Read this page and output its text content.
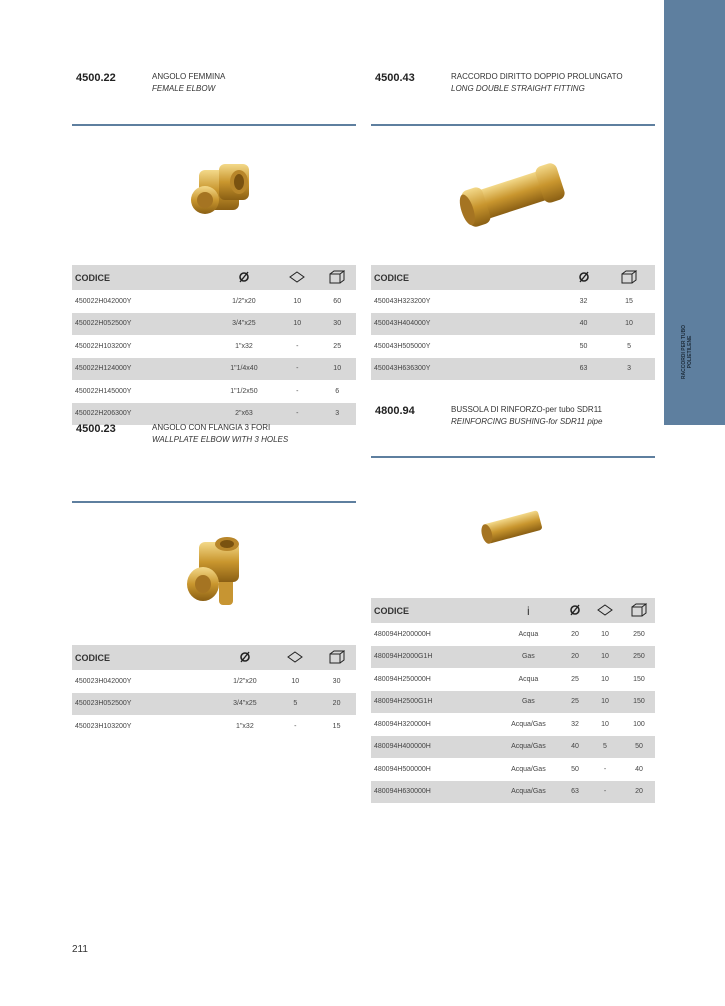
RACCORDI PER TUBO POLIETILENE
4500.22	ANGOLO FEMMINA
FEMALE ELBOW
CODICE			
450022H042000Y	1/2"x20	10	60
450022H052500Y	3/4"x25	10	30
450022H103200Y	1"x32	-	25
450022H124000Y	1"1/4x40	-	10
450022H145000Y	1"1/2x50	-	6
450022H206300Y	2"x63	-	3
4500.23	ANGOLO CON FLANGIA 3 FORI
WALLPLATE ELBOW WITH 3 HOLES
CODICE			
450023H042000Y	1/2"x20	10	30
450023H052500Y	3/4"x25	5	20
450023H103200Y	1"x32	-	15
4500.43	RACCORDO DIRITTO DOPPIO PROLUNGATO
LONG DOUBLE STRAIGHT FITTING
CODICE		
450043H323200Y	32	15
450043H404000Y	40	10
450043H505000Y	50	5
450043H636300Y	63	3
4800.94	BUSSOLA DI RINFORZO-per tubo SDR11
REINFORCING BUSHING-for SDR11 pipe
CODICE	i			
480094H200000H	Acqua	20	10	250
480094H2000G1H	Gas	20	10	250
480094H250000H	Acqua	25	10	150
480094H2500G1H	Gas	25	10	150
480094H320000H	Acqua/Gas	32	10	100
480094H400000H	Acqua/Gas	40	5	50
480094H500000H	Acqua/Gas	50	-	40
480094H630000H	Acqua/Gas	63	-	20
211
